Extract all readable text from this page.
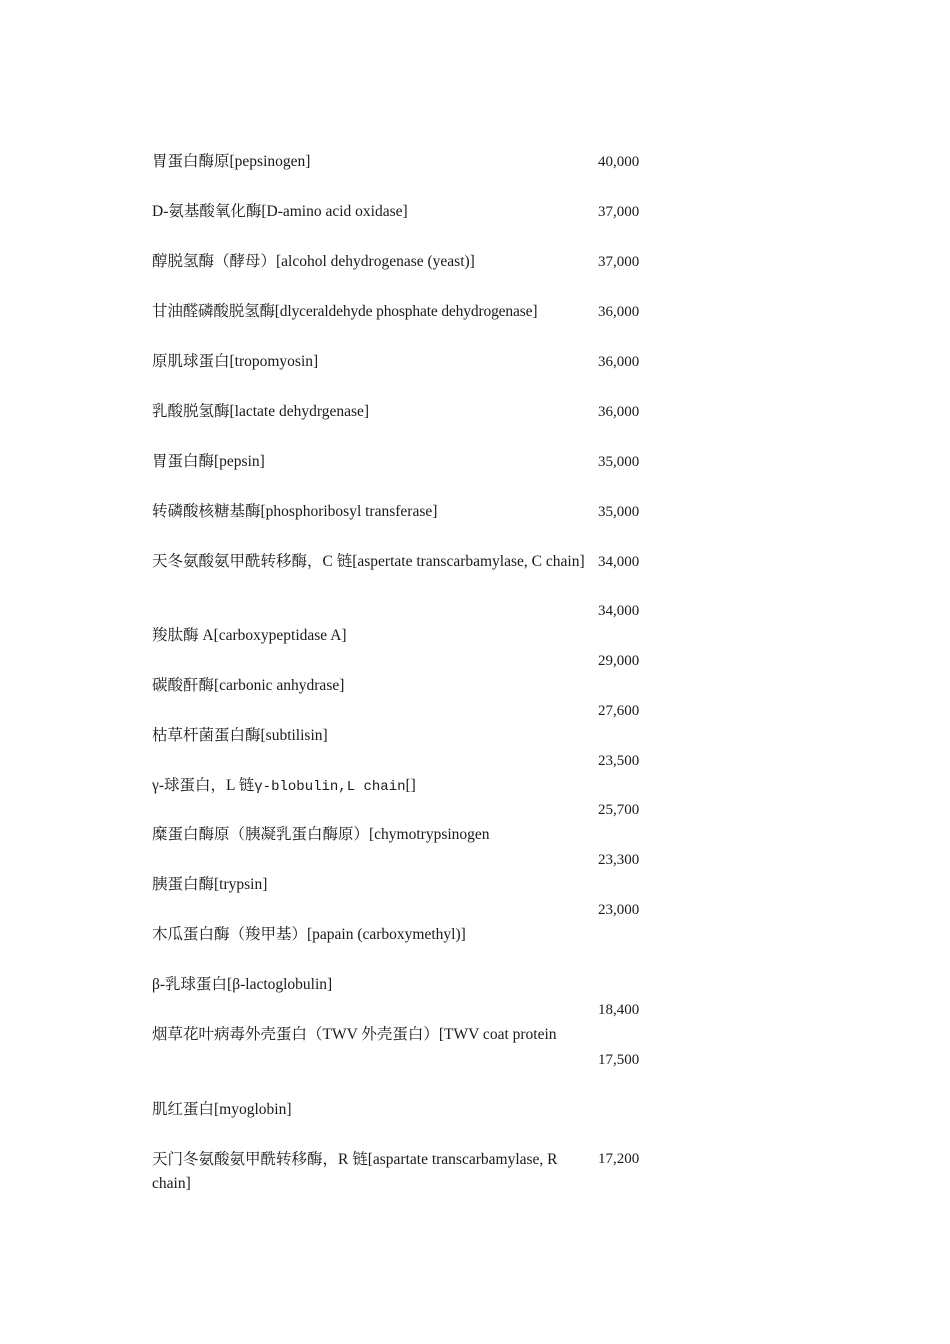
胃蛋白酶原[pepsinogen]
D-氨基酸氧化酶[D-amino acid oxidase]
醇脱氢酶（酵母）[alcohol dehydrogenase (yeast)]
甘油醛磷酸脱氢酶[dlyceraldehyde phosphate dehydrogenase]
原肌球蛋白[tropomyosin]
乳酸脱氢酶[lactate dehydrgenase]
胃蛋白酶[pepsin]
转磷酸核糖基酶[phosphoribosyl transferase]
天冬氨酸氨甲酰转移酶，C 链[aspertate transcarbamylase, C chain]
羧肽酶 A[carboxypeptidase A]
碳酸酐酶[carbonic anhydrase]
枯草杆菌蛋白酶[subtilisin]
γ-球蛋白，L 链γ-blobulin,L chain[]
糜蛋白酶原（胰凝乳蛋白酶原）[chymotrypsinogen
胰蛋白酶[trypsin]
木瓜蛋白酶（羧甲基）[papain (carboxymethyl)]
β-乳球蛋白[β-lactoglobulin]
烟草花叶病毒外壳蛋白（TWV 外壳蛋白）[TWV coat protein
肌红蛋白[myoglobin]
天门冬氨酸氨甲酰转移酶，R 链[aspartate transcarbamylase, R chain]
40,000
37,000
37,000
36,000
36,000
36,000
35,000
35,000
34,000
34,000
29,000
27,600
23,500
25,700
23,300
23,000
18,400
17,500
17,200
